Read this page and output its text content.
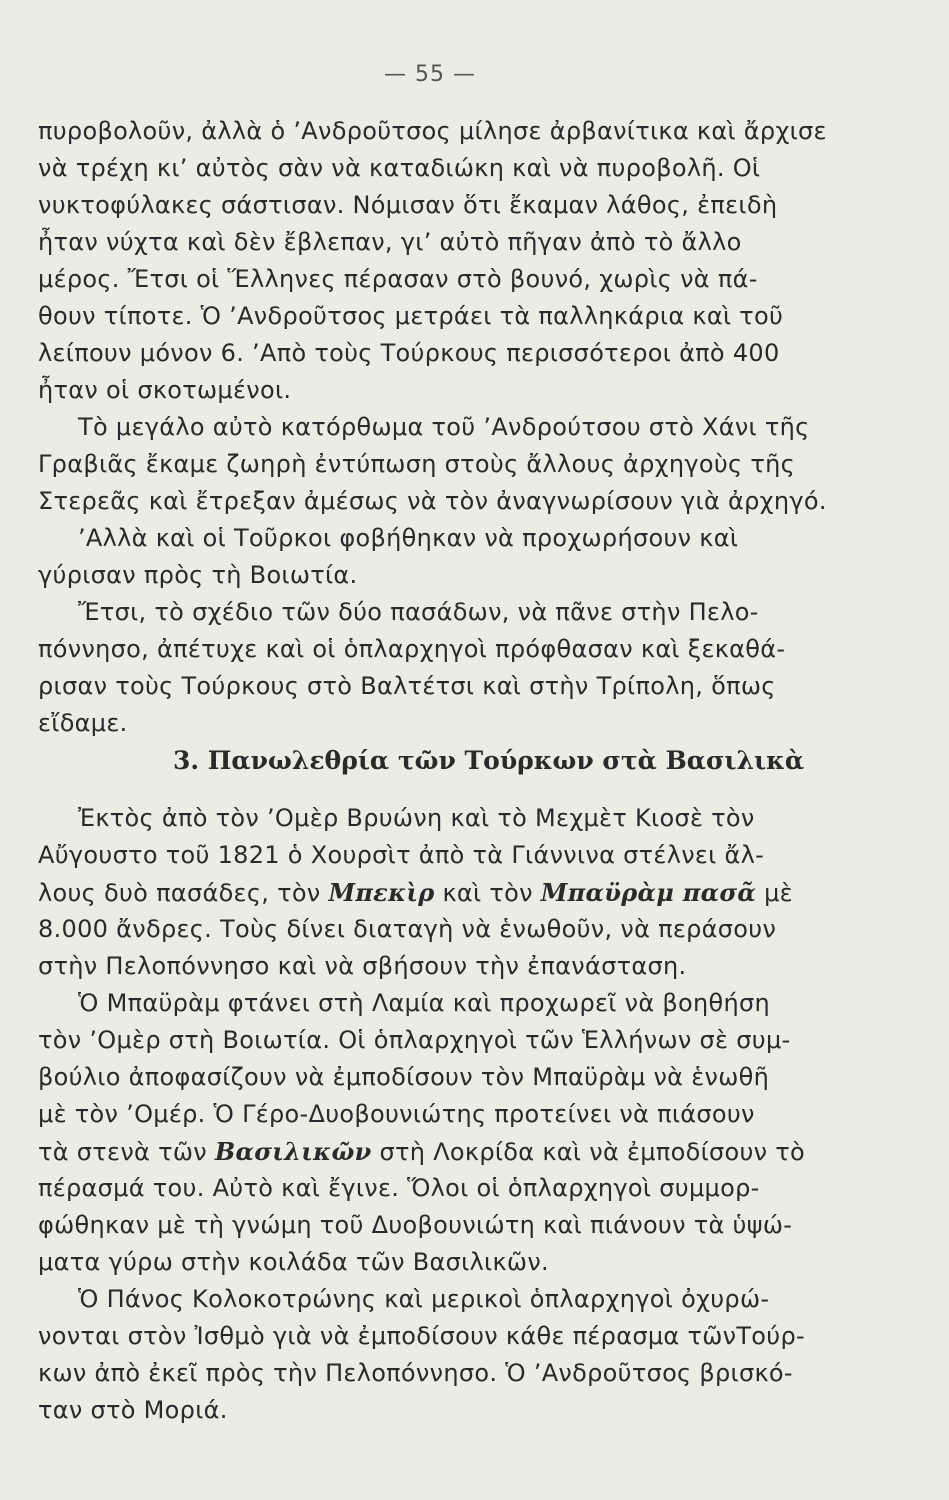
— 55 —
πυροβολοῦν, ἀλλὰ ὁ ’Ανδροῦτσος μίλησε ἀρβανίτικα καὶ ἄρχισε
νὰ τρέχη κι’ αὐτὸς σὰν νὰ καταδιώκη καὶ νὰ πυροβολῆ. Οἱ
νυκτοφύλακες σάστισαν. Νόμισαν ὅτι ἔκαμαν λάθος, ἐπειδὴ
ἦταν νύχτα καὶ δὲν ἔβλεπαν, γι’ αὐτὸ πῆγαν ἀπὸ τὸ ἄλλο
μέρος. Ἔτσι οἱ Ἕλληνες πέρασαν στὸ βουνό, χωρὶς νὰ πά-
θουν τίποτε. Ὁ ’Ανδροῦτσος μετράει τὰ παλληκάρια καὶ τοῦ
λείπουν μόνον 6. ’Απὸ τοὺς Τούρκους περισσότεροι ἀπὸ 400
ἦταν οἱ σκοτωμένοι.
Τὸ μεγάλο αὐτὸ κατόρθωμα τοῦ ’Ανδρούτσου στὸ Χάνι τῆς
Γραβιᾶς ἔκαμε ζωηρὴ ἐντύπωση στοὺς ἄλλους ἀρχηγοὺς τῆς
Στερεᾶς καὶ ἔτρεξαν ἀμέσως νὰ τὸν ἀναγνωρίσουν γιὰ ἀρχηγό.
’Αλλὰ καὶ οἱ Τοῦρκοι φοβήθηκαν νὰ προχωρήσουν καὶ
γύρισαν πρὸς τὴ Βοιωτία.
Ἔτσι, τὸ σχέδιο τῶν δύο πασάδων, νὰ πᾶνε στὴν Πελο-
πόννησο, ἀπέτυχε καὶ οἱ ὁπλαρχηγοὶ πρόφθασαν καὶ ξεκαθά-
ρισαν τοὺς Τούρκους στὸ Βαλτέτσι καὶ στὴν Τρίπολη, ὅπως
εἴδαμε.
3. Πανωλεθρία τῶν Τούρκων στὰ Βασιλικὰ
Ἐκτὸς ἀπὸ τὸν ’Ομὲρ Βρυώνη καὶ τὸ Μεχμὲτ Κιοσὲ τὸν
Αὔγουστο τοῦ 1821 ὁ Χουρσὶτ ἀπὸ τὰ Γιάννινα στέλνει ἄλ-
λους δυὸ πασάδες, τὸν Μπεκὶρ καὶ τὸν Μπαϋρὰμ πασᾶ μὲ
8.000 ἄνδρες. Τοὺς δίνει διαταγὴ νὰ ἑνωθοῦν, νὰ περάσουν
στὴν Πελοπόννησο καὶ νὰ σβήσουν τὴν ἐπανάσταση.
Ὁ Μπαϋρὰμ φτάνει στὴ Λαμία καὶ προχωρεῖ νὰ βοηθήση
τὸν ’Ομὲρ στὴ Βοιωτία. Οἱ ὁπλαρχηγοὶ τῶν Ἑλλήνων σὲ συμ-
βούλιο ἀποφασίζουν νὰ ἐμποδίσουν τὸν Μπαϋρὰμ νὰ ἑνωθῆ
μὲ τὸν ’Ομέρ. Ὁ Γέρο-Δυοβουνιώτης προτείνει νὰ πιάσουν
τὰ στενὰ τῶν Βασιλικῶν στὴ Λοκρίδα καὶ νὰ ἐμποδίσουν τὸ
πέρασμά του. Αὐτὸ καὶ ἔγινε. Ὅλοι οἱ ὁπλαρχηγοὶ συμμορ-
φώθηκαν μὲ τὴ γνώμη τοῦ Δυοβουνιώτη καὶ πιάνουν τὰ ὑψώ-
ματα γύρω στὴν κοιλάδα τῶν Βασιλικῶν.
Ὁ Πάνος Κολοκοτρώνης καὶ μερικοὶ ὁπλαρχηγοὶ ὀχυρώ-
νονται στὸν Ἰσθμὸ γιὰ νὰ ἐμποδίσουν κάθε πέρασμα τῶνΤούρ-
κων ἀπὸ ἐκεῖ πρὸς τὴν Πελοπόννησο. Ὁ ’Ανδροῦτσος βρισκό-
ταν στὸ Μοριά.
